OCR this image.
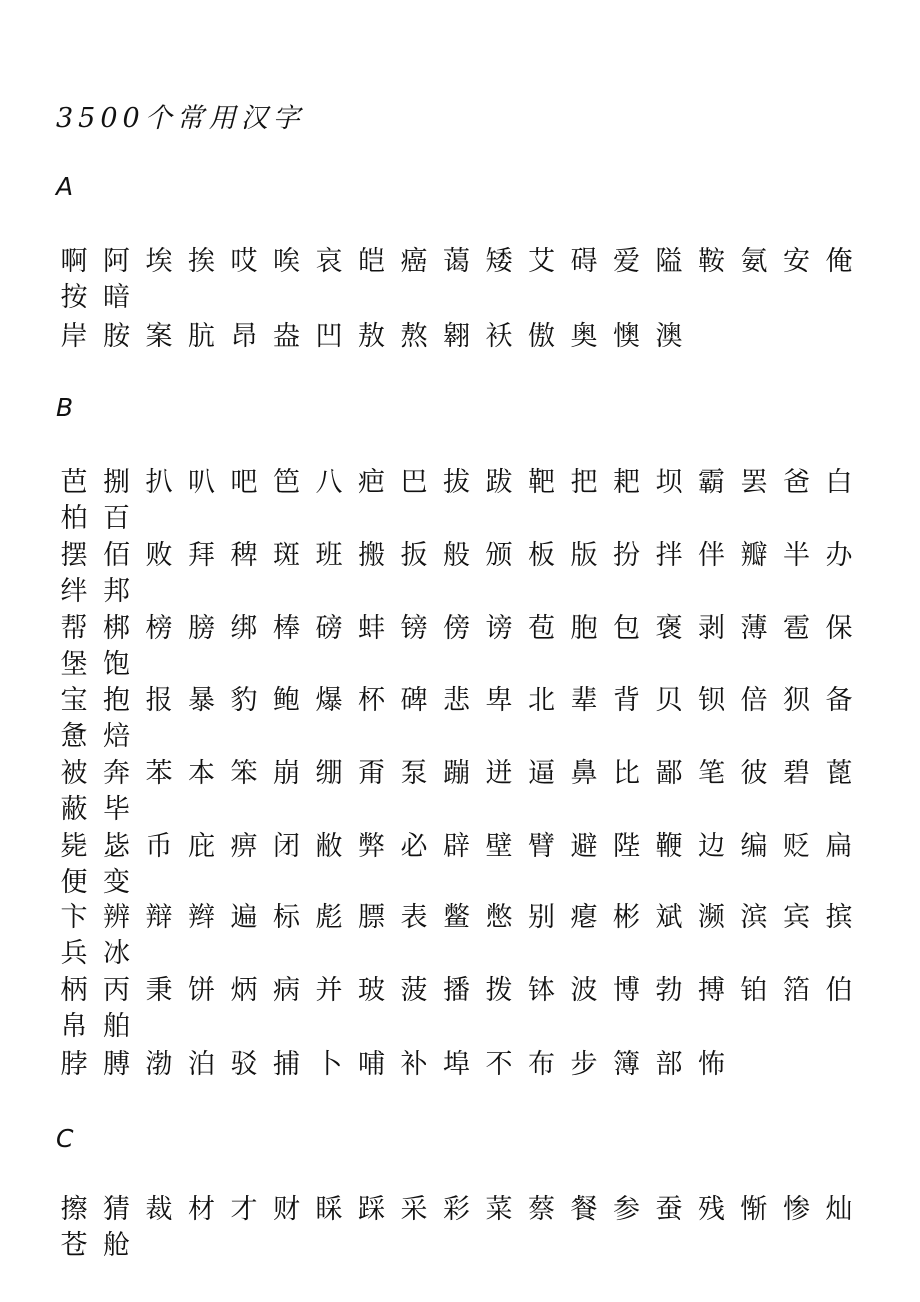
3500个常用汉字
A
啊 阿 埃 挨 哎 唉 哀 皑 癌 蔼 矮 艾 碍 爱 隘 鞍 氨 安 俺
按 暗
岸 胺 案 肮 昂 盎 凹 敖 熬 翱 袄 傲 奥 懊 澳
B
芭 捌 扒 叭 吧 笆 八 疤 巴 拔 跋 靶 把 耙 坝 霸 罢 爸 白
柏 百
摆 佰 败 拜 稗 斑 班 搬 扳 般 颁 板 版 扮 拌 伴 瓣 半 办
绊 邦
帮 梆 榜 膀 绑 棒 磅 蚌 镑 傍 谤 苞 胞 包 褒 剥 薄 雹 保
堡 饱
宝 抱 报 暴 豹 鲍 爆 杯 碑 悲 卑 北 辈 背 贝 钡 倍 狈 备
惫 焙
被 奔 苯 本 笨 崩 绷 甭 泵 蹦 迸 逼 鼻 比 鄙 笔 彼 碧 蓖
蔽 毕
毙 毖 币 庇 痹 闭 敝 弊 必 辟 壁 臂 避 陛 鞭 边 编 贬 扁
便 变
卞 辨 辩 辫 遍 标 彪 膘 表 鳖 憋 别 瘪 彬 斌 濒 滨 宾 摈
兵 冰
柄 丙 秉 饼 炳 病 并 玻 菠 播 拨 钵 波 博 勃 搏 铂 箔 伯
帛 舶
脖 膊 渤 泊 驳 捕 卜 哺 补 埠 不 布 步 簿 部 怖
C
擦 猜 裁 材 才 财 睬 踩 采 彩 菜 蔡 餐 参 蚕 残 惭 惨 灿
苍 舱
